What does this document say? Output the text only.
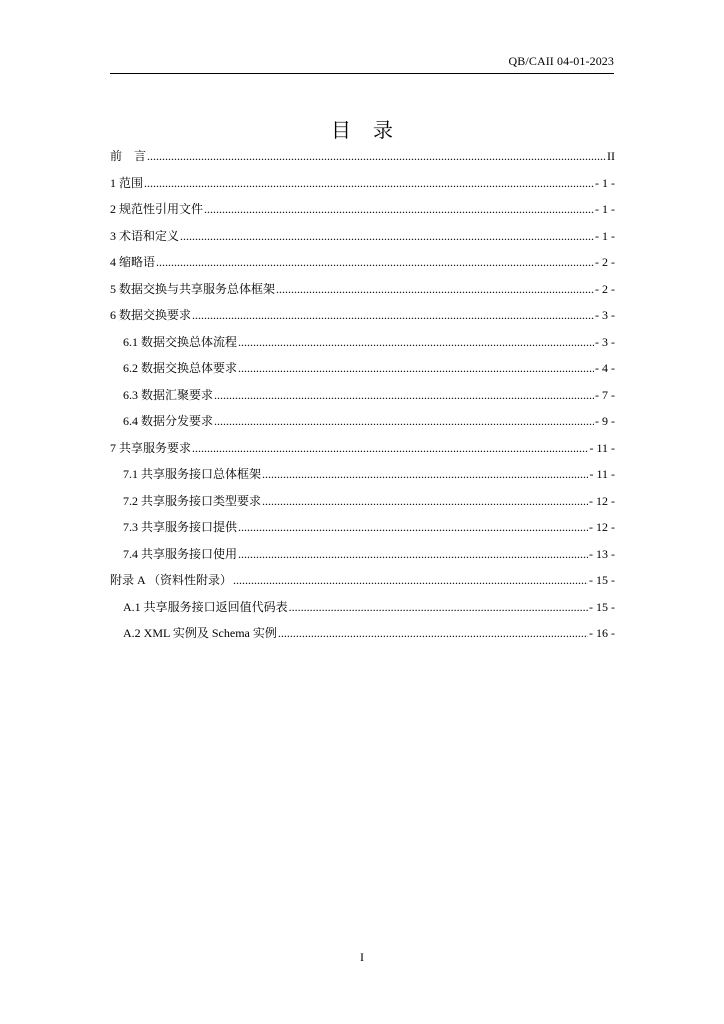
QB/CAII 04-01-2023
目录
前　言 .....	II
1 范围 .....	- 1 -
2 规范性引用文件 .....	- 1 -
3 术语和定义 .....	- 1 -
4 缩略语 .....	- 2 -
5 数据交换与共享服务总体框架 .....	- 2 -
6 数据交换要求 .....	- 3 -
6.1 数据交换总体流程 .....	- 3 -
6.2 数据交换总体要求 .....	- 4 -
6.3 数据汇聚要求 .....	- 7 -
6.4 数据分发要求 .....	- 9 -
7 共享服务要求 .....	- 11 -
7.1 共享服务接口总体框架 .....	- 11 -
7.2 共享服务接口类型要求 .....	- 12 -
7.3 共享服务接口提供 .....	- 12 -
7.4 共享服务接口使用 .....	- 13 -
附录 A （资料性附录） .....	- 15 -
A.1 共享服务接口返回值代码表 .....	- 15 -
A.2 XML 实例及 Schema 实例 .....	- 16 -
I
